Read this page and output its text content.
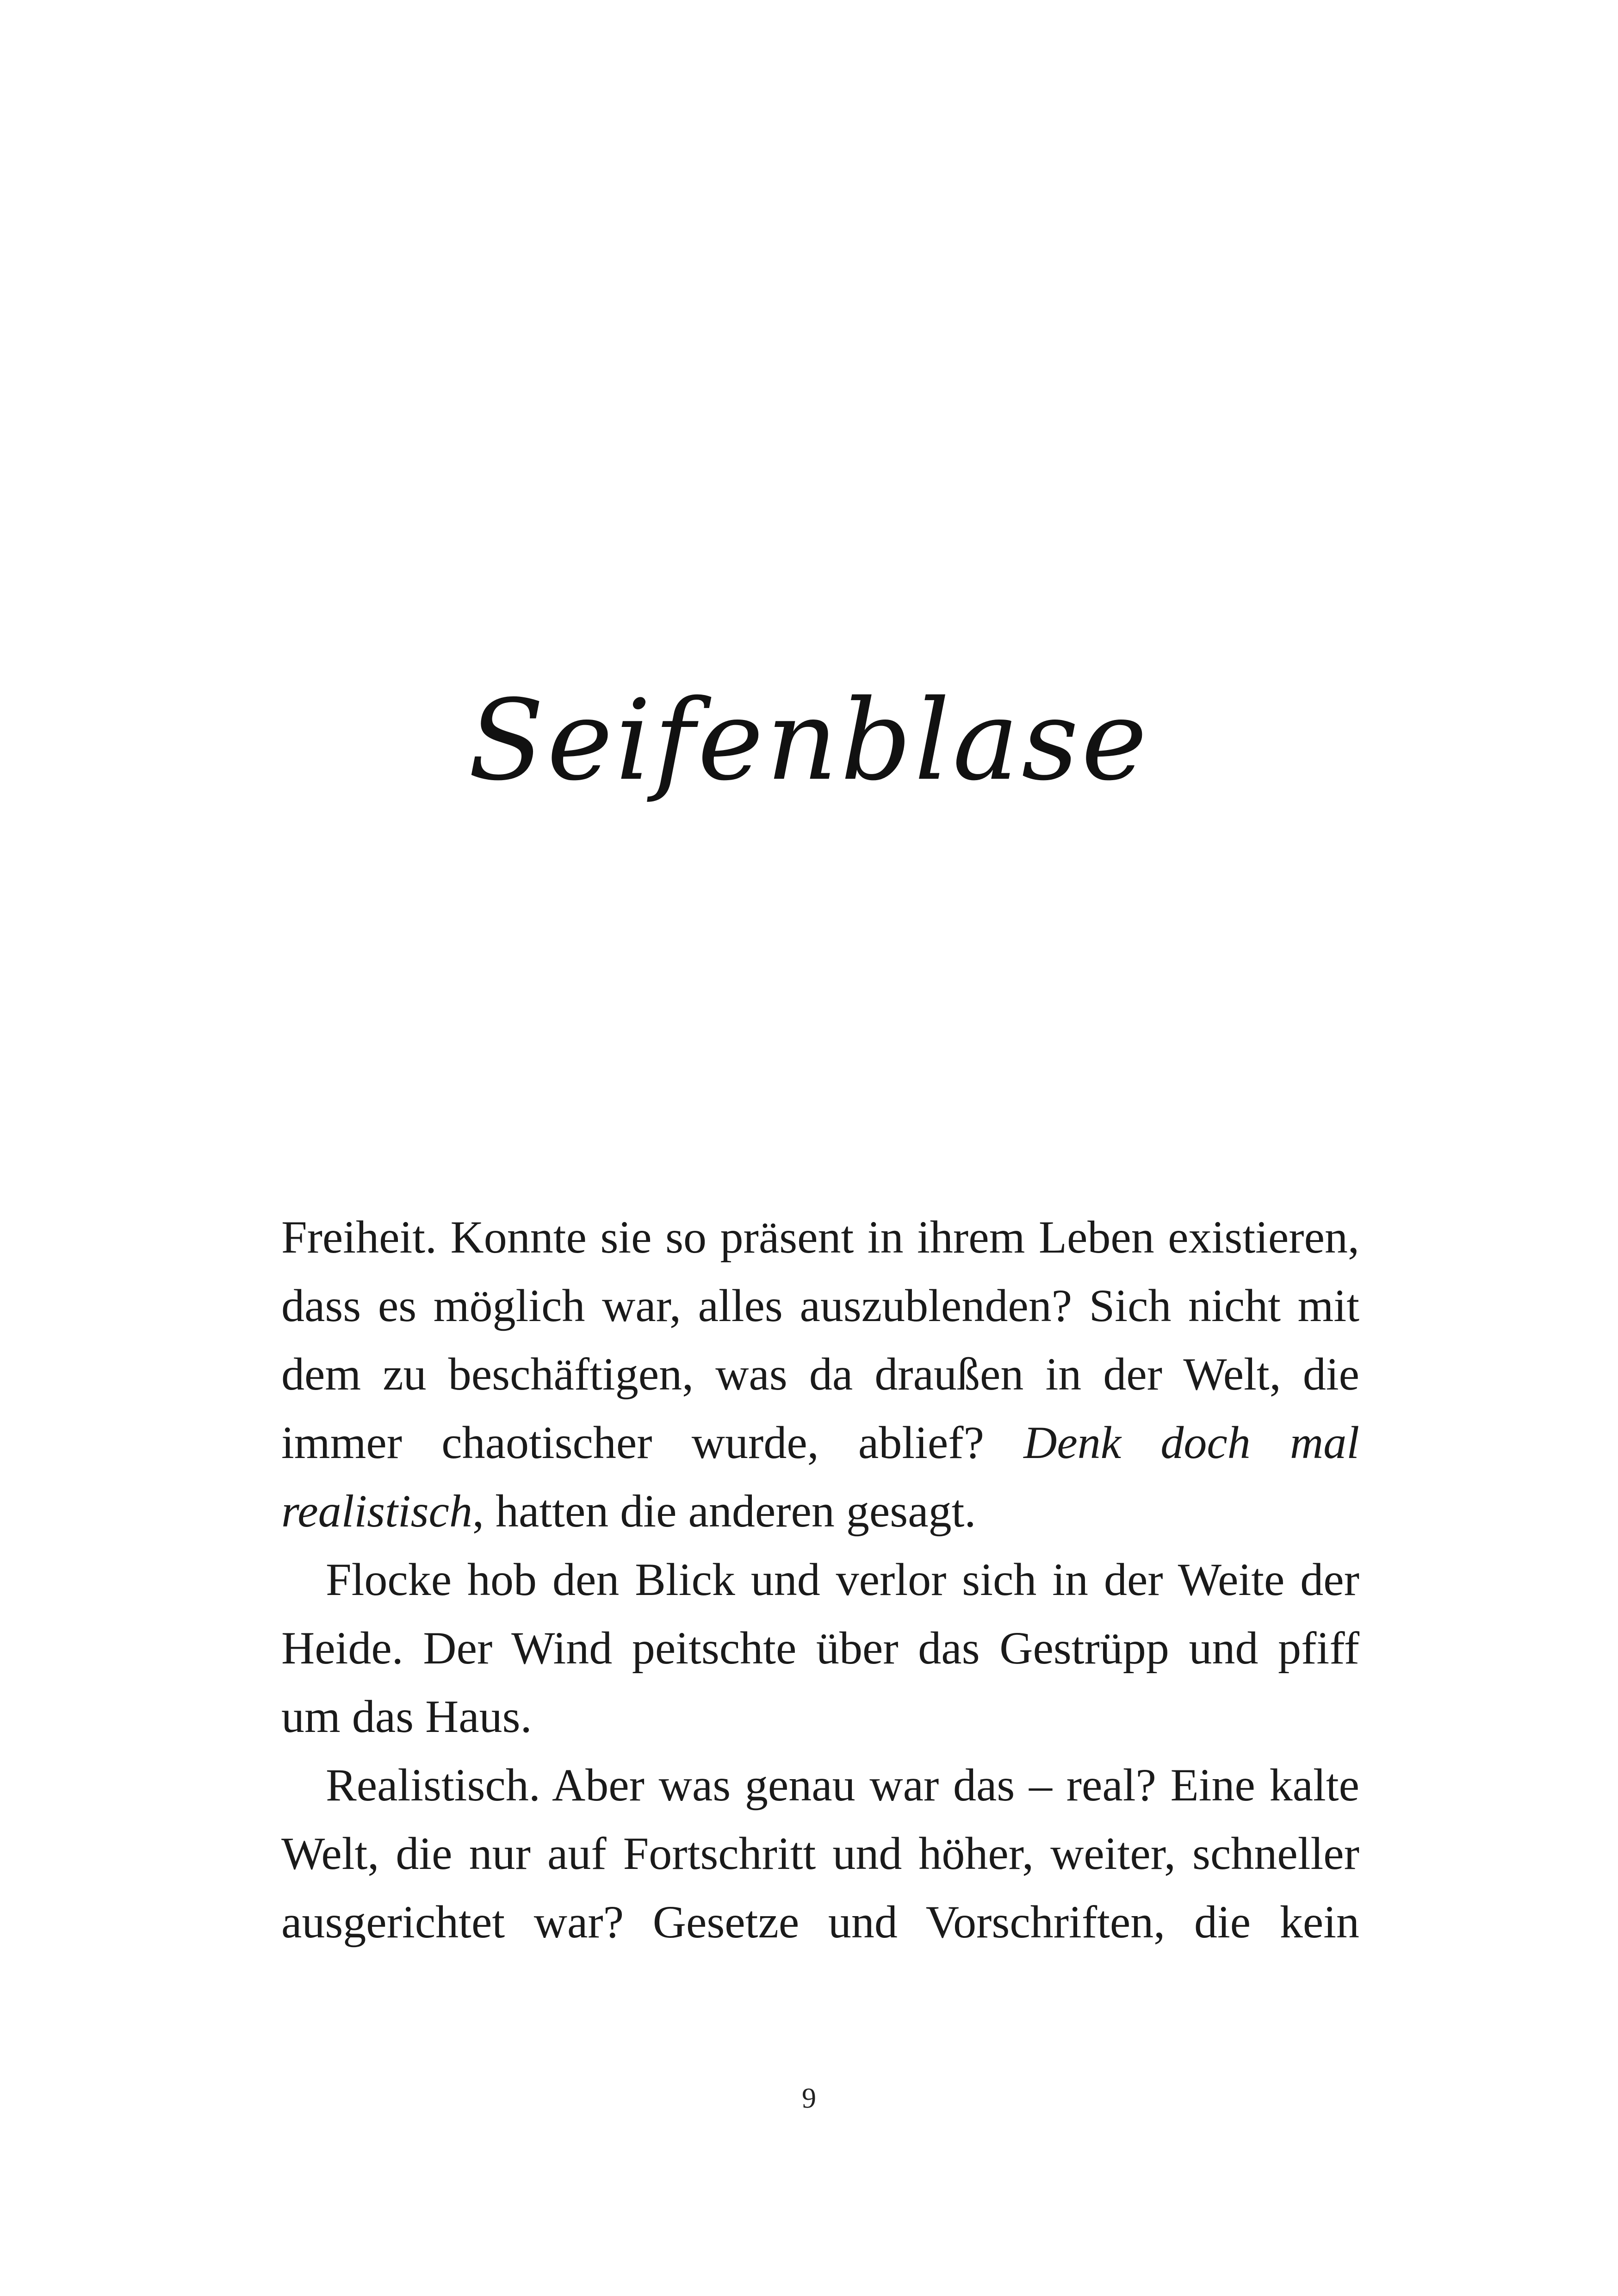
Seifenblase

Freiheit. Konnte sie so präsent in ihrem Leben existieren, dass es möglich war, alles auszublenden? Sich nicht mit dem zu beschäftigen, was da draußen in der Welt, die immer chaotischer wurde, ablief? Denk doch mal realistisch, hatten die anderen gesagt.

Flocke hob den Blick und verlor sich in der Weite der Heide. Der Wind peitschte über das Gestrüpp und pfiff um das Haus.

Realistisch. Aber was genau war das – real? Eine kalte Welt, die nur auf Fortschritt und höher, weiter, schneller ausgerichtet war? Gesetze und Vorschriften, die kein

9
